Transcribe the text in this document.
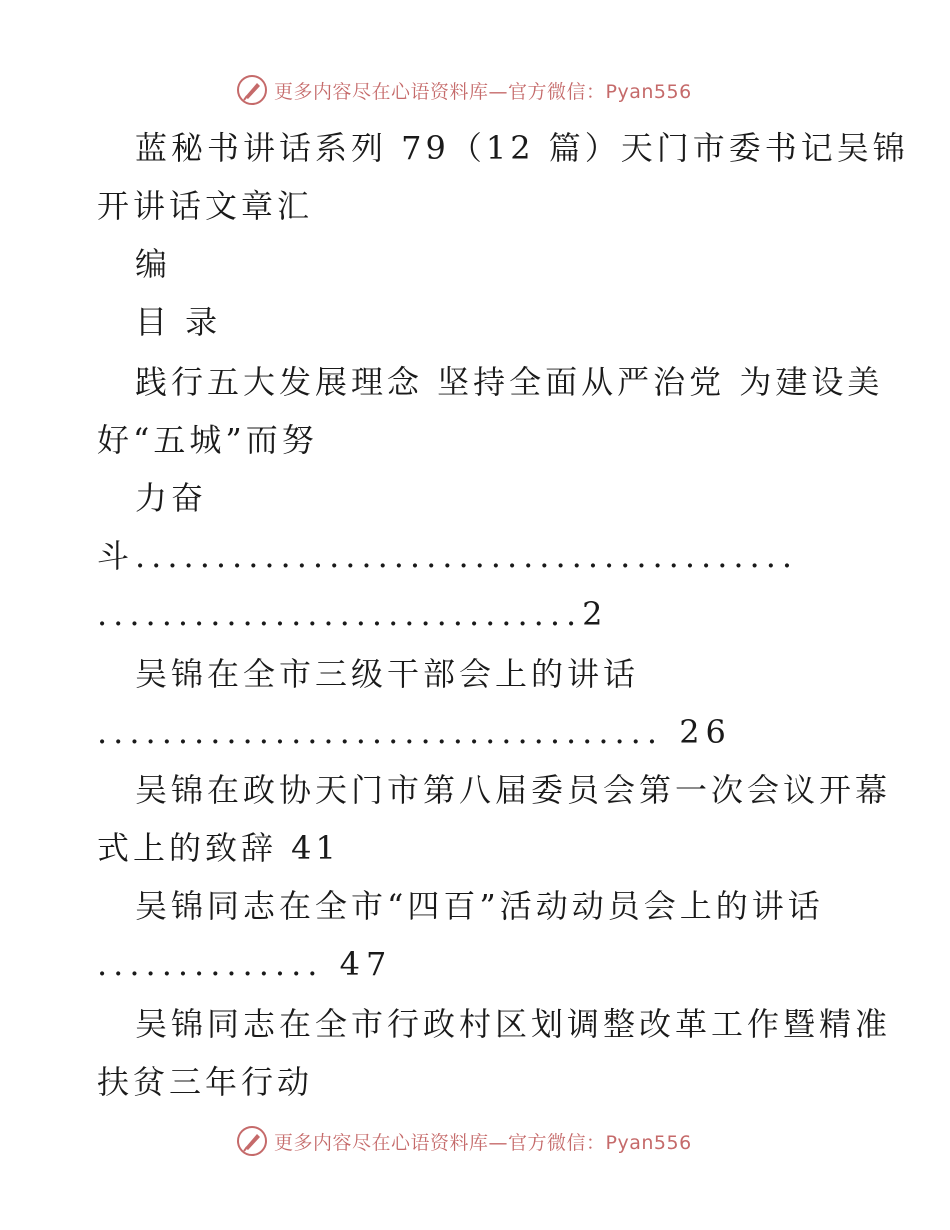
更多内容尽在心语资料库—官方微信：Pyan556
蓝秘书讲话系列 79（12 篇）天门市委书记吴锦
开讲话文章汇
编
目 录
践行五大发展理念 坚持全面从严治党 为建设美
好“五城”而努
力奋
斗.........................................
..............................2
吴锦在全市三级干部会上的讲话
................................... 26
吴锦在政协天门市第八届委员会第一次会议开幕
式上的致辞 41
吴锦同志在全市“四百”活动动员会上的讲话
.............. 47
吴锦同志在全市行政村区划调整改革工作暨精准
扶贫三年行动
更多内容尽在心语资料库—官方微信：Pyan556
